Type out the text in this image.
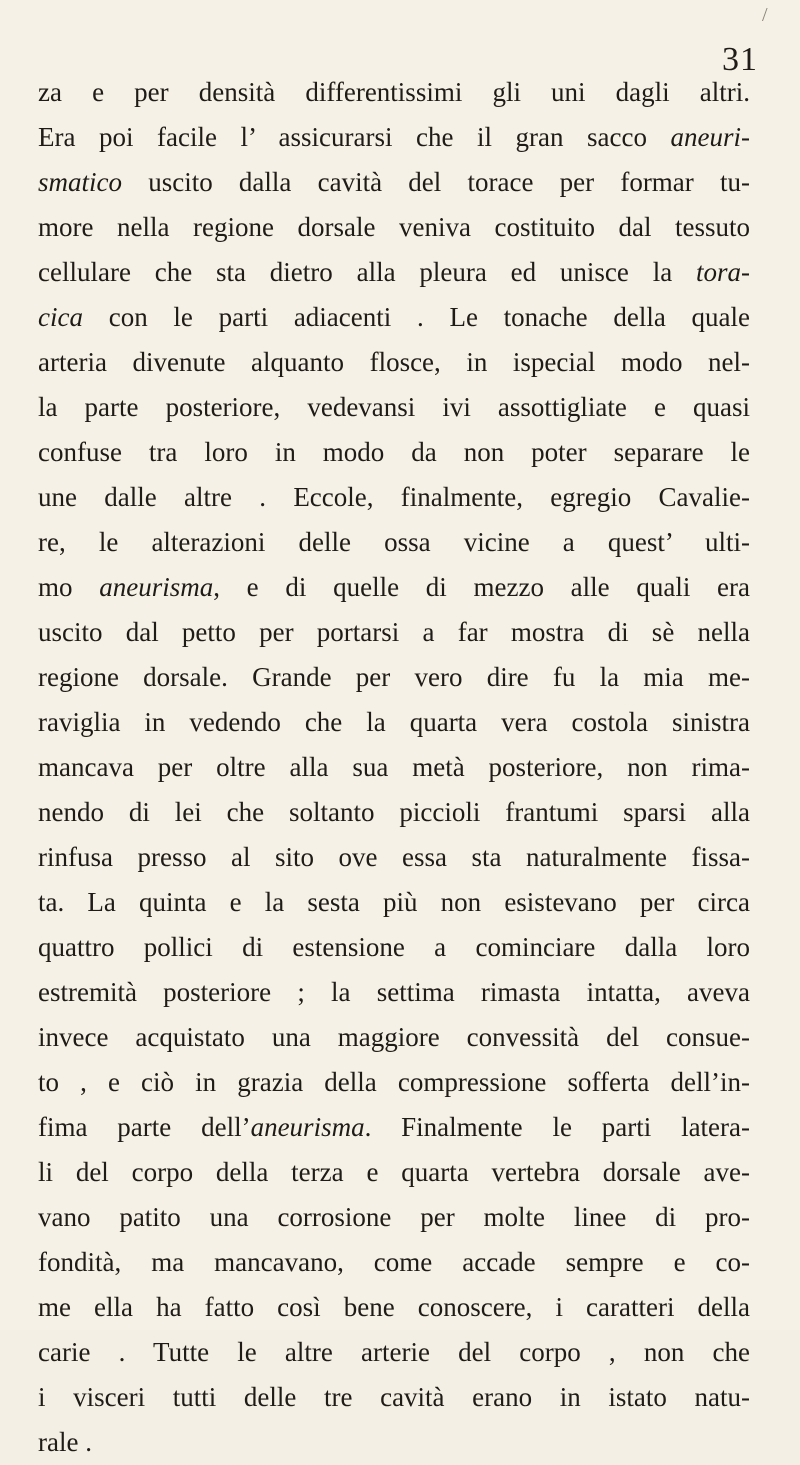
/
31
za e per densità differentissimi gli uni dagli altri.
Era poi facile l’ assicurarsi che il gran sacco aneuri-
smatico uscito dalla cavità del torace per formar tu-
more nella regione dorsale veniva costituito dal tessuto
cellulare che sta dietro alla pleura ed unisce la tora-
cica con le parti adiacenti . Le tonache della quale
arteria divenute alquanto flosce, in ispecial modo nel-
la parte posteriore, vedevansi ivi assottigliate e quasi
confuse tra loro in modo da non poter separare le
une dalle altre . Eccole, finalmente, egregio Cavalie-
re, le alterazioni delle ossa vicine a quest’ ulti-
mo aneurisma, e di quelle di mezzo alle quali era
uscito dal petto per portarsi a far mostra di sè nella
regione dorsale. Grande per vero dire fu la mia me-
raviglia in vedendo che la quarta vera costola sinistra
mancava per oltre alla sua metà posteriore, non rima-
nendo di lei che soltanto piccioli frantumi sparsi alla
rinfusa presso al sito ove essa sta naturalmente fissa-
ta. La quinta e la sesta più non esistevano per circa
quattro pollici di estensione a cominciare dalla loro
estremità posteriore ; la settima rimasta intatta, aveva
invece acquistato una maggiore convessità del consue-
to , e ciò in grazia della compressione sofferta dell’in-
fima parte dell’aneurisma. Finalmente le parti latera-
li del corpo della terza e quarta vertebra dorsale ave-
vano patito una corrosione per molte linee di pro-
fondità, ma mancavano, come accade sempre e co-
me ella ha fatto così bene conoscere, i caratteri della
carie . Tutte le altre arterie del corpo , non che
i visceri tutti delle tre cavità erano in istato natu-
rale .
